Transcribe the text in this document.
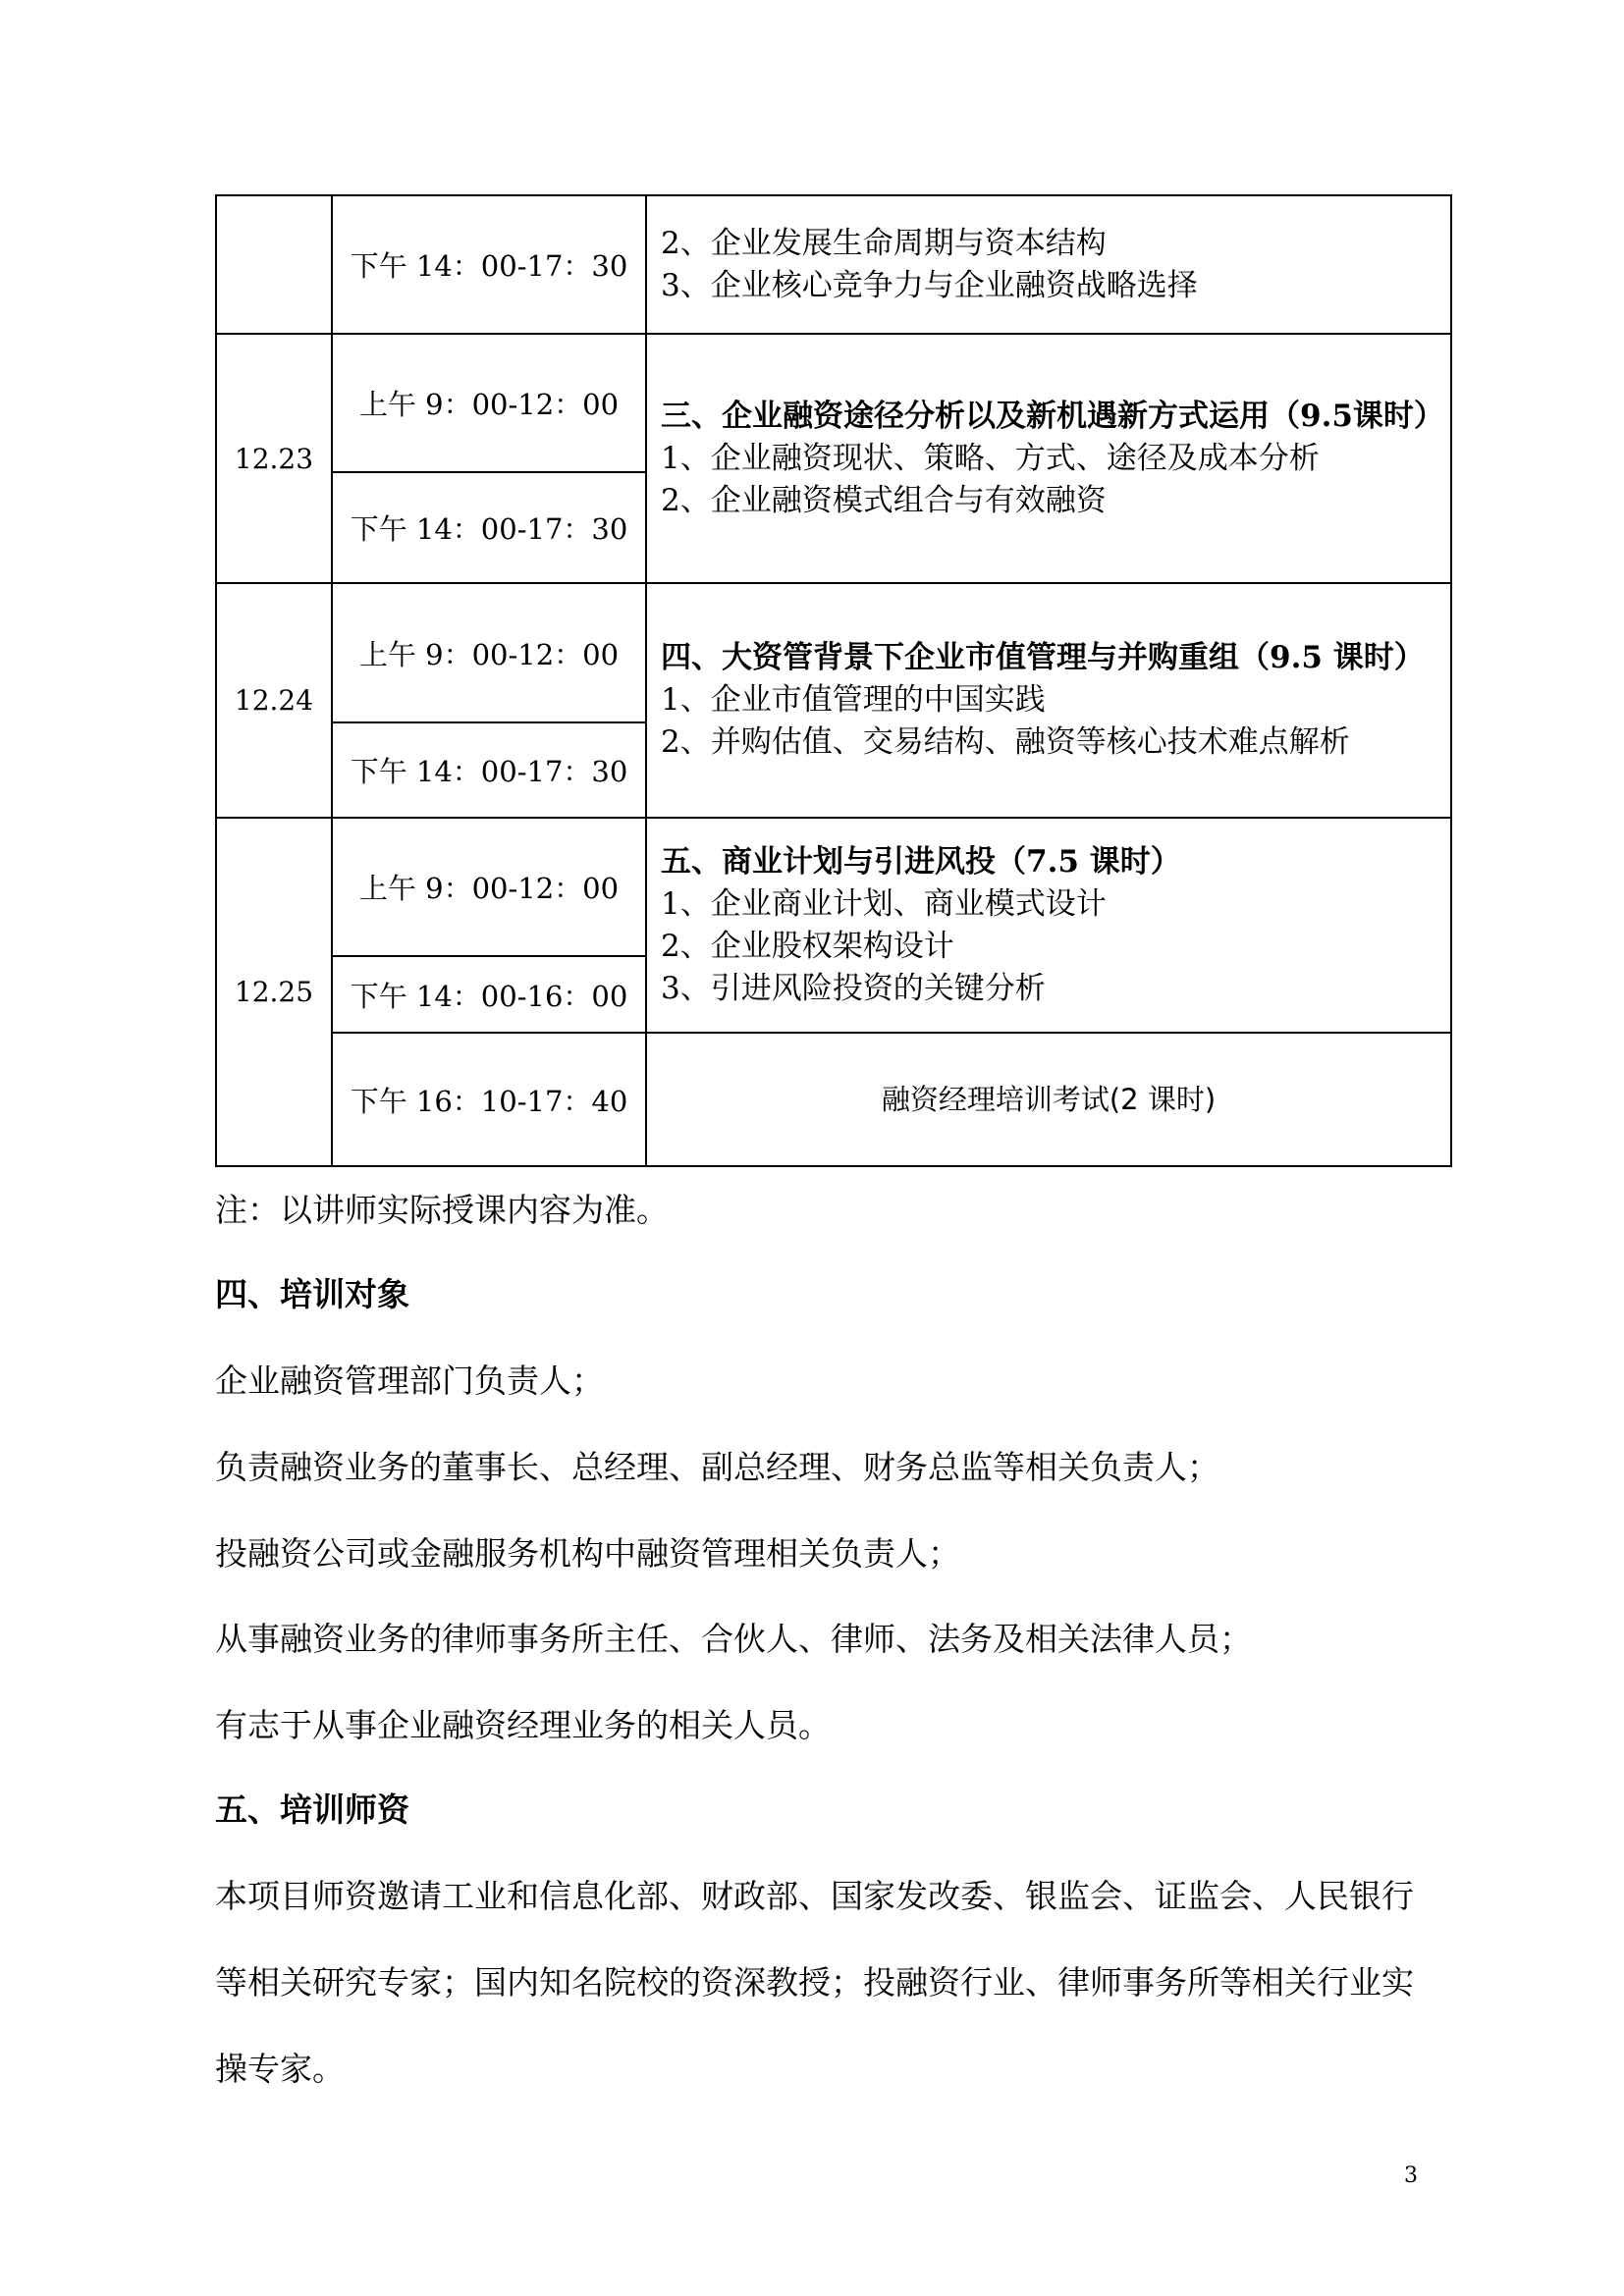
	下午 14：00-17：30	2、企业发展生命周期与资本结构
3、企业核心竞争力与企业融资战略选择

12.23	上午 9：00-12：00	三、企业融资途径分析以及新机遇新方式运用（9.5课时）
1、企业融资现状、策略、方式、途径及成本分析
2、企业融资模式组合与有效融资

	下午 14：00-17：30	
12.24	上午 9：00-12：00	四、大资管背景下企业市值管理与并购重组（9.5 课时）
1、企业市值管理的中国实践
2、并购估值、交易结构、融资等核心技术难点解析

	下午 14：00-17：30	
12.25	上午 9：00-12：00	五、商业计划与引进风投（7.5 课时）
1、企业商业计划、商业模式设计
2、企业股权架构设计
3、引进风险投资的关键分析

	下午 14：00-16：00	
	下午 16：10-17：40	融资经理培训考试(2 课时)
注：以讲师实际授课内容为准。
四、培训对象
企业融资管理部门负责人；
负责融资业务的董事长、总经理、副总经理、财务总监等相关负责人；
投融资公司或金融服务机构中融资管理相关负责人；
从事融资业务的律师事务所主任、合伙人、律师、法务及相关法律人员；
有志于从事企业融资经理业务的相关人员。
五、培训师资
本项目师资邀请工业和信息化部、财政部、国家发改委、银监会、证监会、人民银行等相关研究专家；国内知名院校的资深教授；投融资行业、律师事务所等相关行业实操专家。
3
